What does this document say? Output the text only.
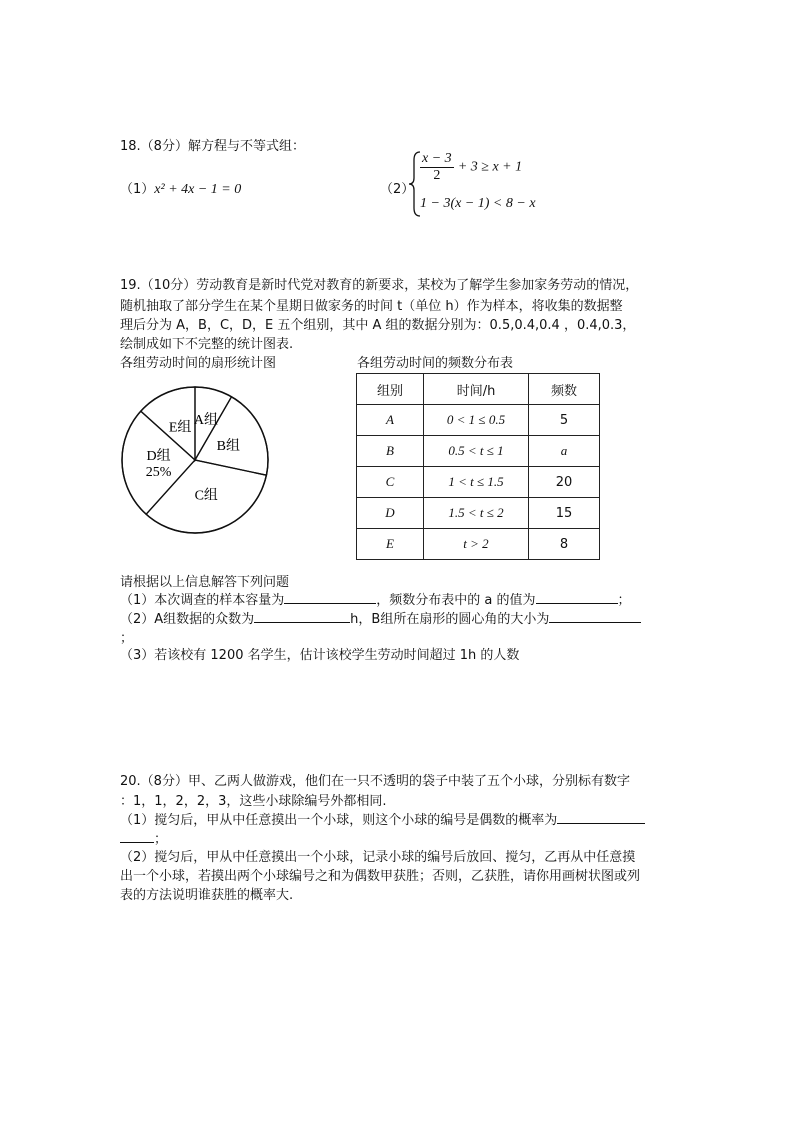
18.（8分）解方程与不等式组：
（1）x² + 4x − 1 = 0	（2）
$\frac{x - 3}{2} + 3 \ge x + 1$
1 − 3(x − 1) < 8 − x
19.（10分）劳动教育是新时代党对教育的新要求，某校为了解学生参加家务劳动的情况，
随机抽取了部分学生在某个星期日做家务的时间 t（单位 h）作为样本，将收集的数据整
理后分为 A，B，C，D，E 五个组别，其中 A 组的数据分别为：0.5,0.4,0.4 ，0.4,0.3，
绘制成如下不完整的统计图表.
各组劳动时间的扇形统计图	各组劳动时间的频数分布表
A组
B组
C组
D组
25%
E组
组别	时间/h	频数
A	0 < 1 ≤ 0.5	5
B	0.5 < t ≤ 1	a
C	1 < t ≤ 1.5	20
D	1.5 < t ≤ 2	15
E	t > 2	8
请根据以上信息解答下列问题
（1）本次调查的样本容量为	，频数分布表中的 a 的值为	；
（2）A组数据的众数为	h，B组所在扇形的圆心角的大小为
；
（3）若该校有 1200 名学生，估计该校学生劳动时间超过 1h 的人数
20.（8分）甲、乙两人做游戏，他们在一只不透明的袋子中装了五个小球，分别标有数字
：1，1，2，2，3，这些小球除编号外都相同.
（1）搅匀后，甲从中任意摸出一个小球，则这个小球的编号是偶数的概率为
；
（2）搅匀后，甲从中任意摸出一个小球，记录小球的编号后放回、搅匀，乙再从中任意摸
出一个小球，若摸出两个小球编号之和为偶数甲获胜；否则，乙获胜，请你用画树状图或列
表的方法说明谁获胜的概率大.
